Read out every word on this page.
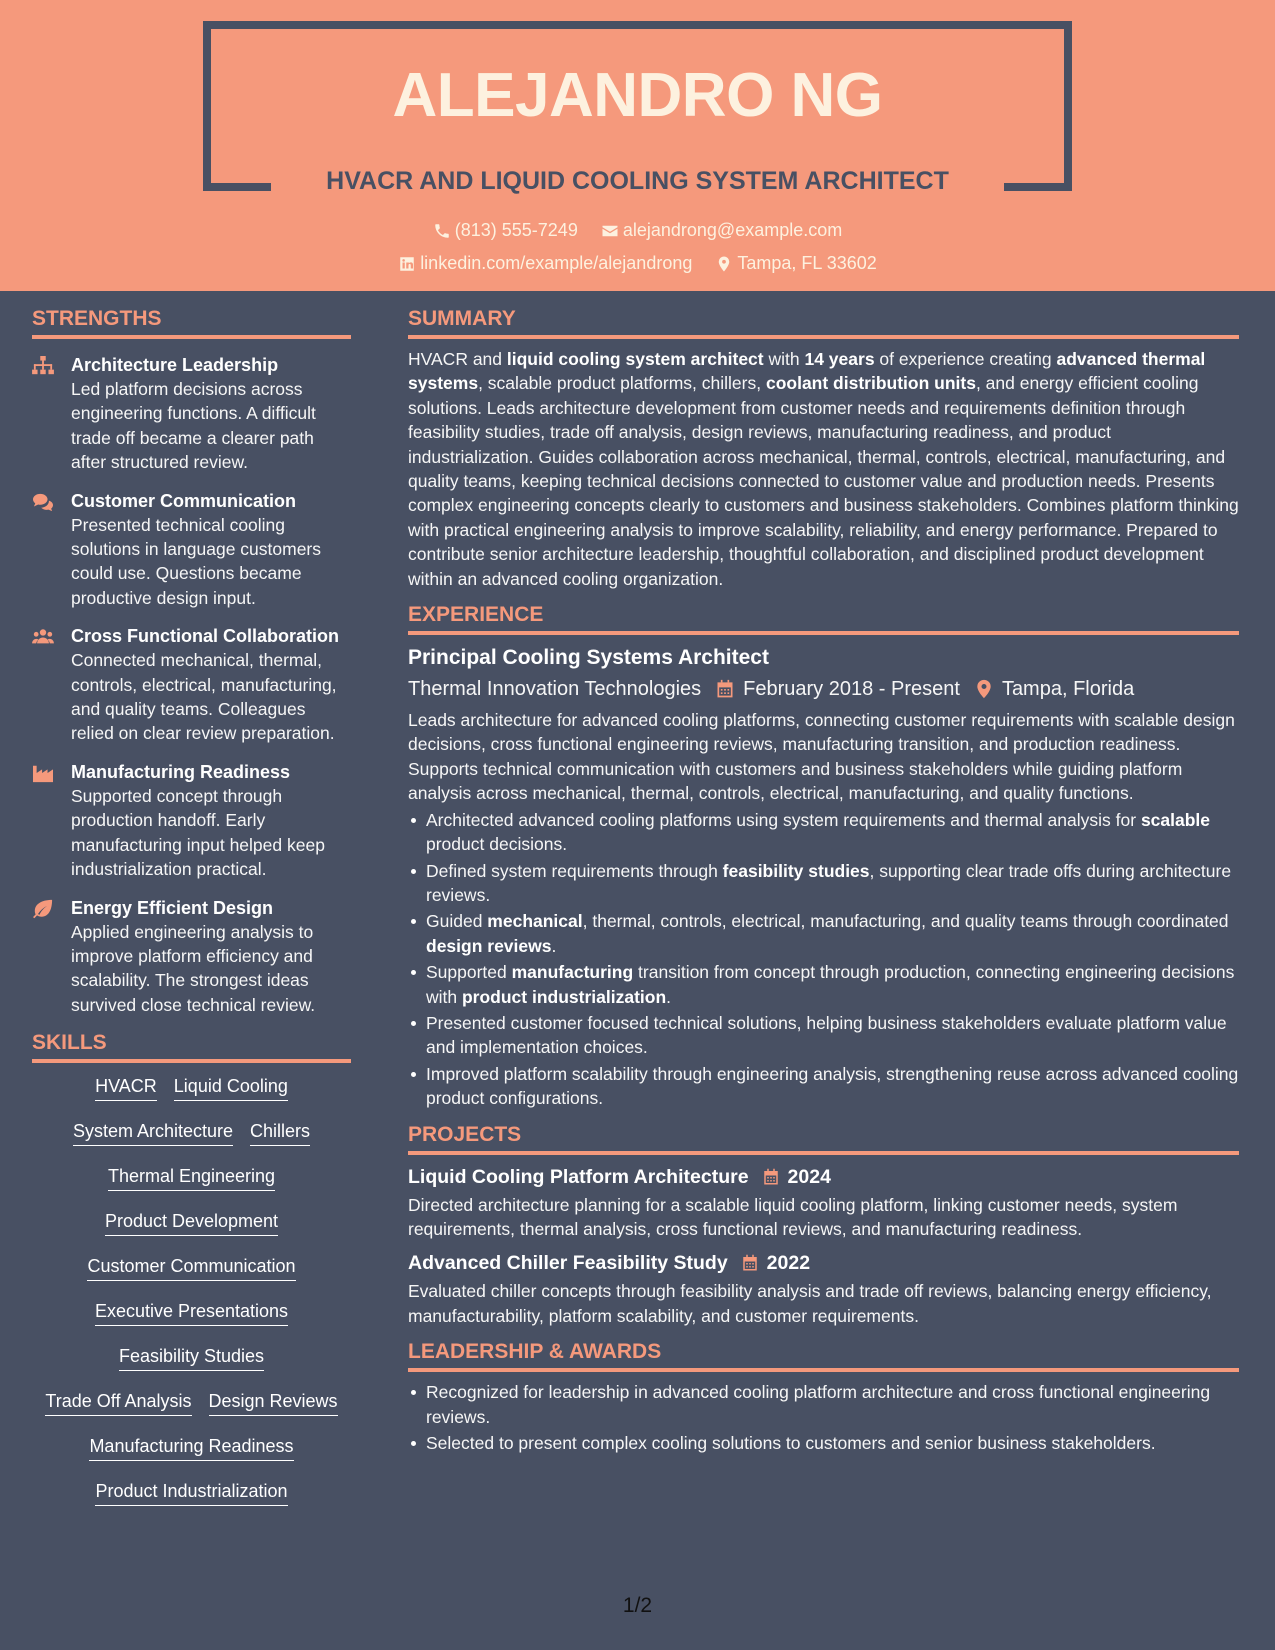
ALEJANDRO NG
HVACR AND LIQUID COOLING SYSTEM ARCHITECT
(813) 555-7249
	alejandrong@example.com
linkedin.com/example/alejandrong
	Tampa, FL 33602
STRENGTHS
Architecture Leadership
Led platform decisions across engineering functions. A difficult trade off became a clearer path after structured review.
Customer Communication
Presented technical cooling solutions in language customers could use. Questions became productive design input.
Cross Functional Collaboration
Connected mechanical, thermal, controls, electrical, manufacturing, and quality teams. Colleagues relied on clear review preparation.
Manufacturing Readiness
Supported concept through production handoff. Early manufacturing input helped keep industrialization practical.
Energy Efficient Design
Applied engineering analysis to improve platform efficiency and scalability. The strongest ideas survived close technical review.
SKILLS
HVACR Liquid Cooling
System Architecture Chillers
Thermal Engineering
Product Development
Customer Communication
Executive Presentations
Feasibility Studies
Trade Off Analysis Design Reviews
Manufacturing Readiness
Product Industrialization
SUMMARY

HVACR and liquid cooling system architect with 14 years of experience creating advanced thermal systems, scalable product platforms, chillers, coolant distribution units, and energy efficient cooling solutions. Leads architecture development from customer needs and requirements definition through feasibility studies, trade off analysis, design reviews, manufacturing readiness, and product industrialization. Guides collaboration across mechanical, thermal, controls, electrical, manufacturing, and quality teams, keeping technical decisions connected to customer value and production needs. Presents complex engineering concepts clearly to customers and business stakeholders. Combines platform thinking with practical engineering analysis to improve scalability, reliability, and energy performance. Prepared to contribute senior architecture leadership, thoughtful collaboration, and disciplined product development within an advanced cooling organization.

EXPERIENCE
Principal Cooling Systems Architect
Thermal Innovation Technologies February 2018 - Present Tampa, Florida

Leads architecture for advanced cooling platforms, connecting customer requirements with scalable design decisions, cross functional engineering reviews, manufacturing transition, and production readiness. Supports technical communication with customers and business stakeholders while guiding platform analysis across mechanical, thermal, controls, electrical, manufacturing, and quality functions.

Architected advanced cooling platforms using system requirements and thermal analysis for scalable product decisions.
Defined system requirements through feasibility studies, supporting clear trade offs during architecture reviews.
Guided mechanical, thermal, controls, electrical, manufacturing, and quality teams through coordinated design reviews.
Supported manufacturing transition from concept through production, connecting engineering decisions with product industrialization.
Presented customer focused technical solutions, helping business stakeholders evaluate platform value and implementation choices.
Improved platform scalability through engineering analysis, strengthening reuse across advanced cooling product configurations.
PROJECTS
Liquid Cooling Platform Architecture 2024

Directed architecture planning for a scalable liquid cooling platform, linking customer needs, system requirements, thermal analysis, cross functional reviews, and manufacturing readiness.

Advanced Chiller Feasibility Study 2022

Evaluated chiller concepts through feasibility analysis and trade off reviews, balancing energy efficiency, manufacturability, platform scalability, and customer requirements.

LEADERSHIP & AWARDS
Recognized for leadership in advanced cooling platform architecture and cross functional engineering reviews.
Selected to present complex cooling solutions to customers and senior business stakeholders.
1/2
